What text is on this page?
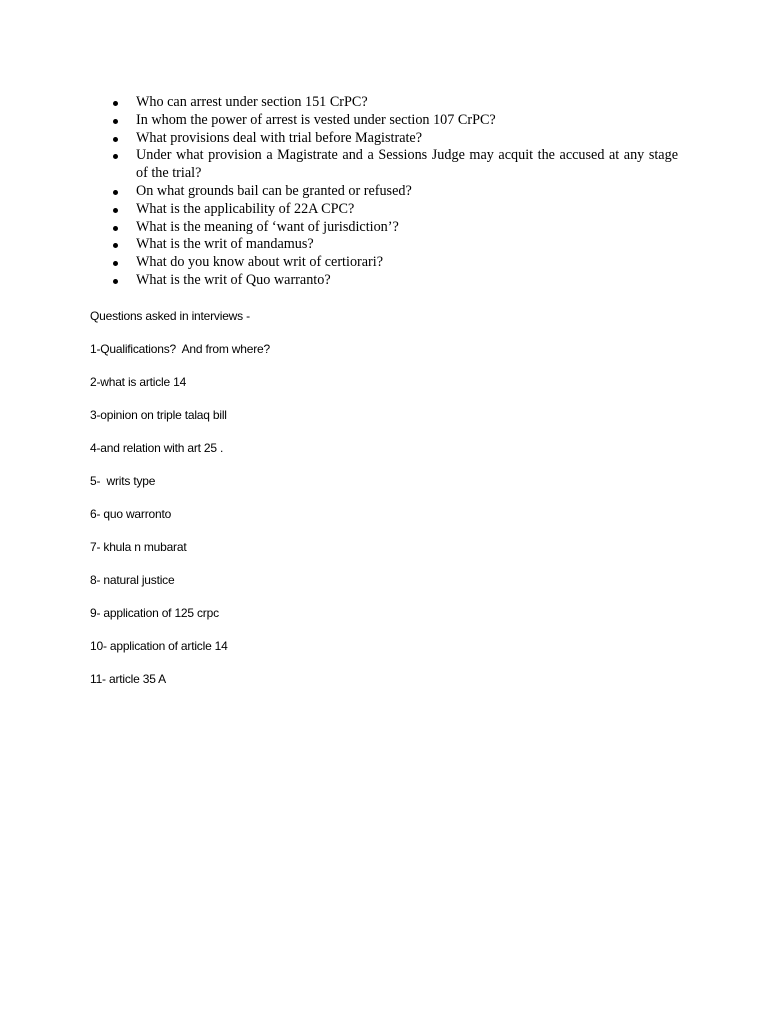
Who can arrest under section 151 CrPC?
In whom the power of arrest is vested under section 107 CrPC?
What provisions deal with trial before Magistrate?
Under what provision a Magistrate and a Sessions Judge may acquit the accused at any stage of the trial?
On what grounds bail can be granted or refused?
What is the applicability of 22A CPC?
What is the meaning of ‘want of jurisdiction’?
What is the writ of mandamus?
What do you know about writ of certiorari?
What is the writ of Quo warranto?

Questions asked in interviews -

1-Qualifications?  And from where?

2-what is article 14

3-opinion on triple talaq bill

4-and relation with art 25 .

5-  writs type

6- quo warronto

7- khula n mubarat

8- natural justice

9- application of 125 crpc

10- application of article 14

11- article 35 A
